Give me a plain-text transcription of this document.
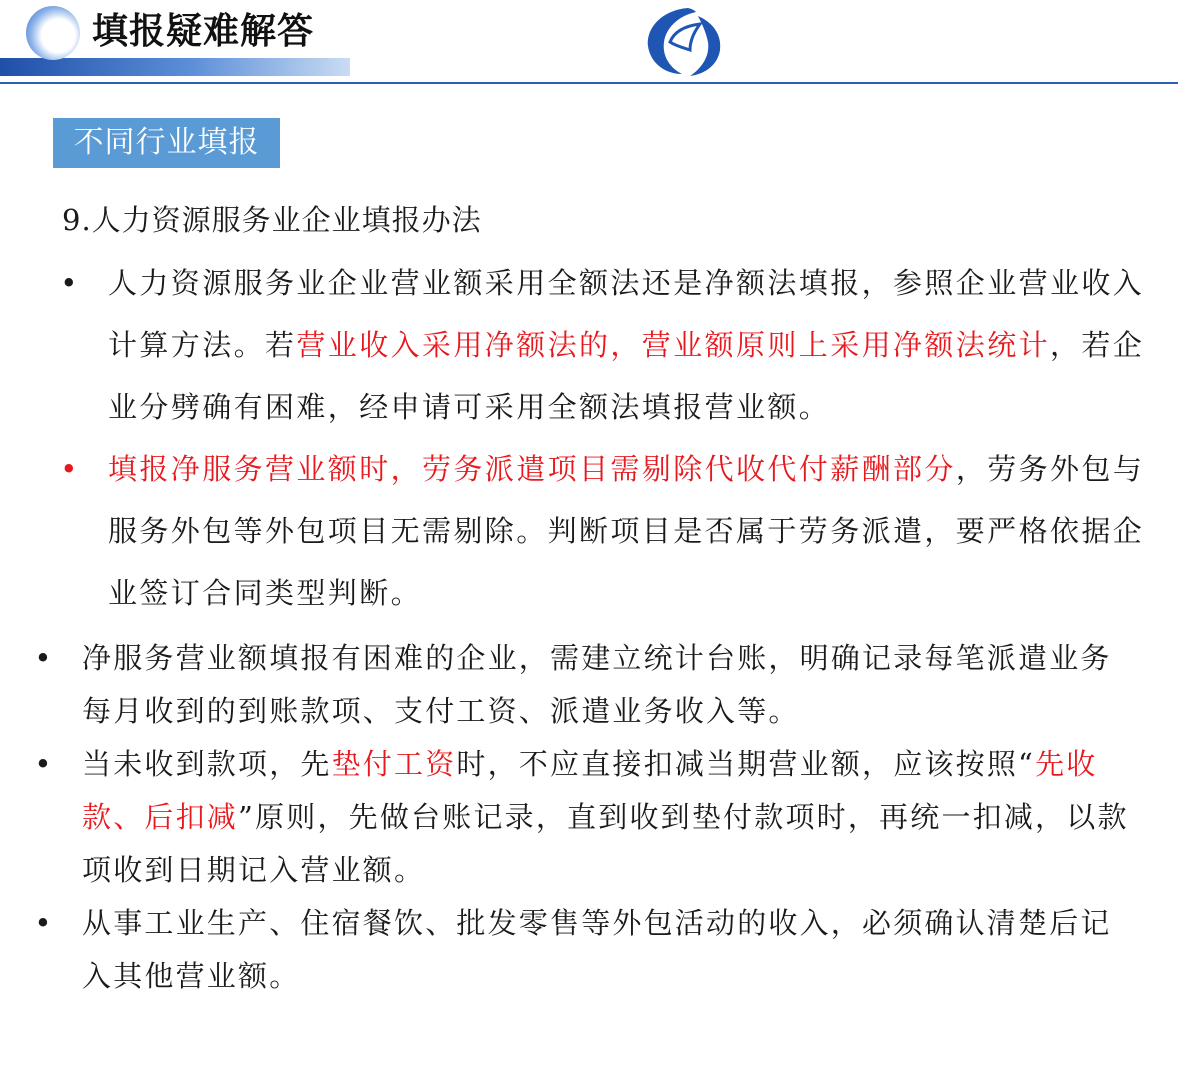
填报疑难解答
不同行业填报

9.人力资源服务业企业填报办法

• 人力资源服务业企业营业额采用全额法还是净额法填报，参照企业营业收入计算方法。若营业收入采用净额法的，营业额原则上采用净额法统计，若企业分劈确有困难，经申请可采用全额法填报营业额。
• 填报净服务营业额时，劳务派遣项目需剔除代收代付薪酬部分，劳务外包与服务外包等外包项目无需剔除。判断项目是否属于劳务派遣，要严格依据企业签订合同类型判断。
• 净服务营业额填报有困难的企业，需建立统计台账，明确记录每笔派遣业务每月收到的到账款项、支付工资、派遣业务收入等。
• 当未收到款项，先垫付工资时，不应直接扣减当期营业额，应该按照“先收款、后扣减”原则，先做台账记录，直到收到垫付款项时，再统一扣减，以款项收到日期记入营业额。
• 从事工业生产、住宿餐饮、批发零售等外包活动的收入，必须确认清楚后记入其他营业额。
